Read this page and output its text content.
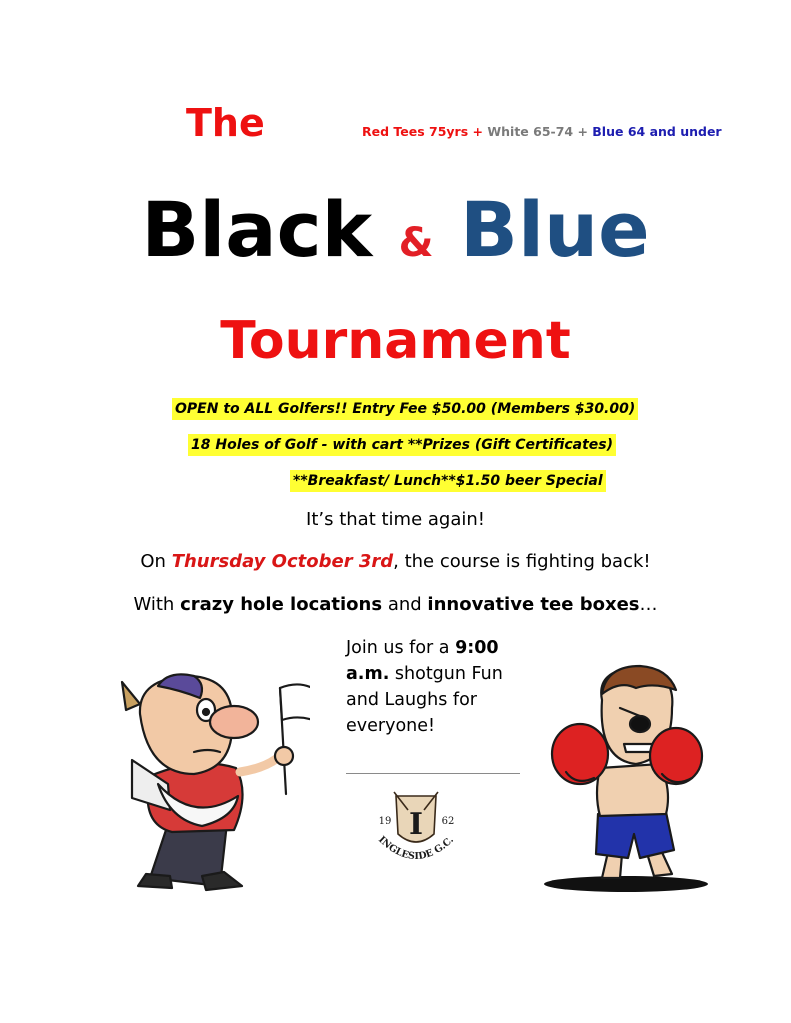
The	Red Tees 75yrs + White 65-74 + Blue 64 and under
Black & Blue
Tournament
OPEN to ALL Golfers!! Entry Fee $50.00 (Members $30.00)
18 Holes of Golf - with cart **Prizes (Gift Certificates)
**Breakfast/ Lunch**$1.50 beer Special
It’s that time again!
On Thursday October 3rd, the course is fighting back!
With crazy hole locations and innovative tee boxes…
Join us for a 9:00 a.m. shotgun Fun and Laughs for everyone!
I
19	62
INGLESIDE G.C.
